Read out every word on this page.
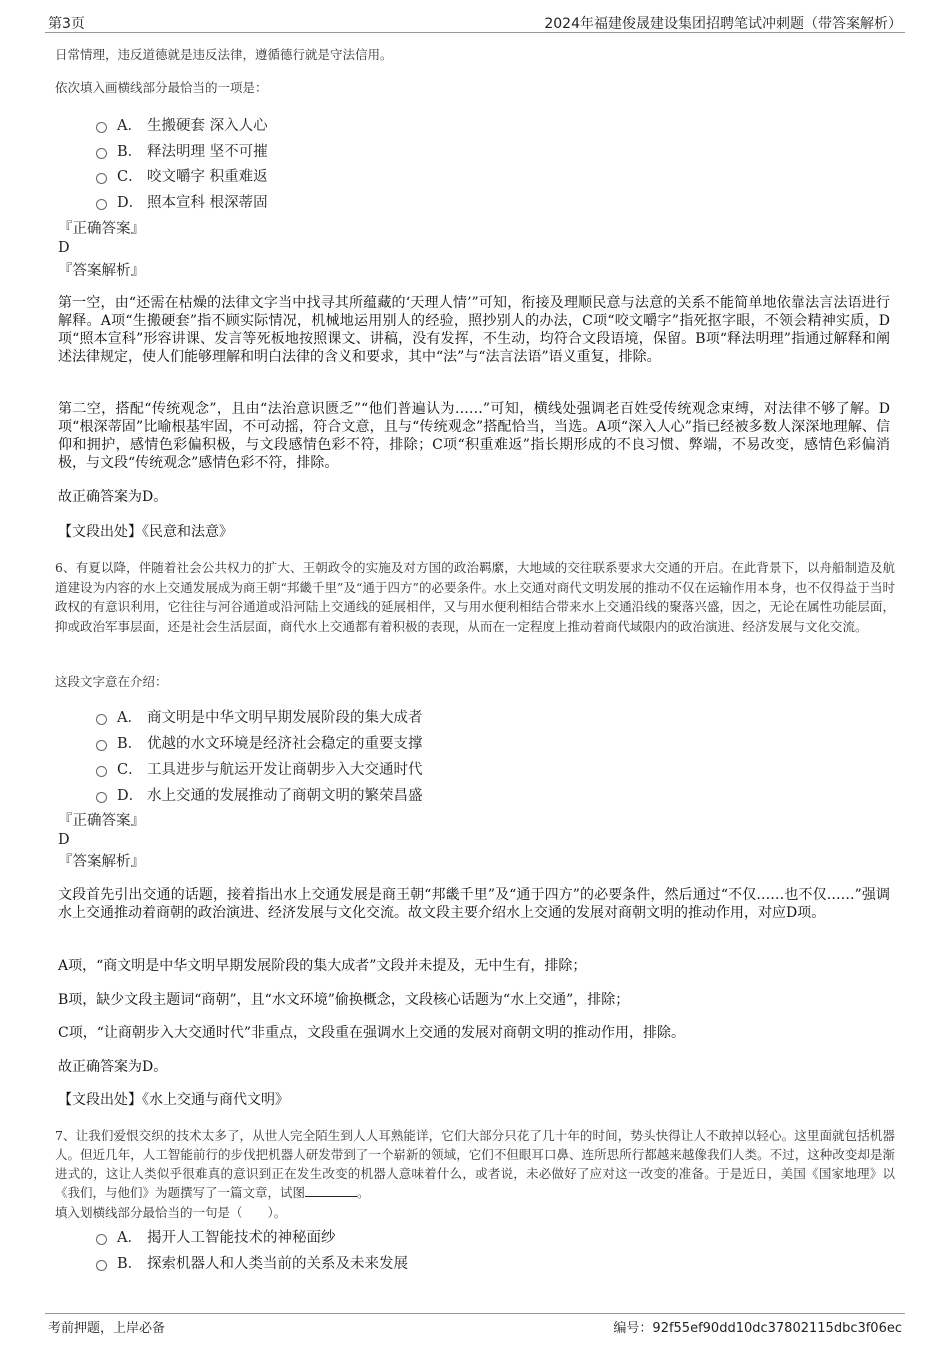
第3页	2024年福建俊晟建设集团招聘笔试冲刺题（带答案解析）
日常情理，违反道德就是违反法律，遵循德行就是守法信用。
依次填入画横线部分最恰当的一项是：
A． 生搬硬套 深入人心
B． 释法明理 坚不可摧
C． 咬文嚼字 积重难返
D． 照本宣科 根深蒂固
『正确答案』
D
『答案解析』
第一空，由“还需在枯燥的法律文字当中找寻其所蕴藏的‘天理人情’”可知，衔接及理顺民意与法意的关系不能简单地依靠法言法语进行解释。A项“生搬硬套”指不顾实际情况，机械地运用别人的经验，照抄别人的办法，C项“咬文嚼字”指死抠字眼，不领会精神实质，D项“照本宣科”形容讲课、发言等死板地按照课文、讲稿，没有发挥，不生动，均符合文段语境，保留。B项“释法明理”指通过解释和阐述法律规定，使人们能够理解和明白法律的含义和要求，其中“法”与“法言法语”语义重复，排除。
第二空，搭配“传统观念”，且由“法治意识匮乏”“他们普遍认为……”可知，横线处强调老百姓受传统观念束缚，对法律不够了解。D项“根深蒂固”比喻根基牢固，不可动摇，符合文意，且与“传统观念”搭配恰当，当选。A项“深入人心”指已经被多数人深深地理解、信仰和拥护，感情色彩偏积极，与文段感情色彩不符，排除；C项“积重难返”指长期形成的不良习惯、弊端，不易改变，感情色彩偏消极，与文段“传统观念”感情色彩不符，排除。
故正确答案为D。
【文段出处】《民意和法意》
6、有夏以降，伴随着社会公共权力的扩大、王朝政令的实施及对方国的政治羁縻，大地域的交往联系要求大交通的开启。在此背景下，以舟船制造及航道建设为内容的水上交通发展成为商王朝“邦畿千里”及“通于四方”的必要条件。水上交通对商代文明发展的推动不仅在运输作用本身，也不仅得益于当时政权的有意识利用，它往往与河谷通道或沿河陆上交通线的延展相伴，又与用水便利相结合带来水上交通沿线的聚落兴盛，因之，无论在属性功能层面，抑或政治军事层面，还是社会生活层面，商代水上交通都有着积极的表现，从而在一定程度上推动着商代域限内的政治演进、经济发展与文化交流。
这段文字意在介绍：
A． 商文明是中华文明早期发展阶段的集大成者
B． 优越的水文环境是经济社会稳定的重要支撑
C． 工具进步与航运开发让商朝步入大交通时代
D． 水上交通的发展推动了商朝文明的繁荣昌盛
『正确答案』
D
『答案解析』
文段首先引出交通的话题，接着指出水上交通发展是商王朝“邦畿千里”及“通于四方”的必要条件，然后通过“不仅……也不仅……”强调水上交通推动着商朝的政治演进、经济发展与文化交流。故文段主要介绍水上交通的发展对商朝文明的推动作用，对应D项。
A项，“商文明是中华文明早期发展阶段的集大成者”文段并未提及，无中生有，排除；
B项，缺少文段主题词“商朝”，且“水文环境”偷换概念，文段核心话题为“水上交通”，排除；
C项，“让商朝步入大交通时代”非重点，文段重在强调水上交通的发展对商朝文明的推动作用，排除。
故正确答案为D。
【文段出处】《水上交通与商代文明》
7、让我们爱恨交织的技术太多了，从世人完全陌生到人人耳熟能详，它们大部分只花了几十年的时间，势头快得让人不敢掉以轻心。这里面就包括机器人。但近几年，人工智能前行的步伐把机器人研发带到了一个崭新的领域，它们不但眼耳口鼻、连所思所行都越来越像我们人类。不过，这种改变却是渐进式的，这让人类似乎很难真的意识到正在发生改变的机器人意味着什么，或者说，未必做好了应对这一改变的准备。于是近日，美国《国家地理》以《我们，与他们》为题撰写了一篇文章，试图	。
填入划横线部分最恰当的一句是（　　）。
A． 揭开人工智能技术的神秘面纱
B． 探索机器人和人类当前的关系及未来发展
考前押题，上岸必备	编号：92f55ef90dd10dc37802115dbc3f06ec
